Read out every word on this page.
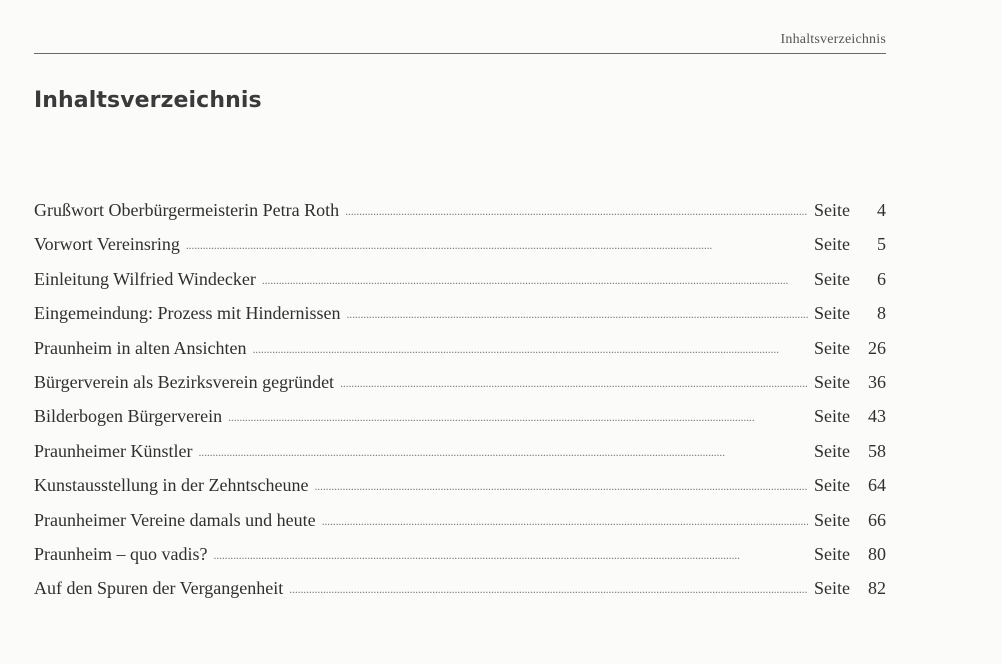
Inhaltsverzeichnis
Inhaltsverzeichnis
Grußwort Oberbürgermeisterin Petra Roth . . .	Seite	4
Vorwort Vereinsring . . .	Seite	5
Einleitung Wilfried Windecker . . .	Seite	6
Eingemeindung: Prozess mit Hindernissen . . .	Seite	8
Praunheim in alten Ansichten . . .	Seite	26
Bürgerverein als Bezirksverein gegründet . . .	Seite	36
Bilderbogen Bürgerverein . . .	Seite	43
Praunheimer Künstler . . .	Seite	58
Kunstausstellung in der Zehntscheune . . .	Seite	64
Praunheimer Vereine damals und heute . . .	Seite	66
Praunheim – quo vadis? . . .	Seite	80
Auf den Spuren der Vergangenheit . . .	Seite	82
